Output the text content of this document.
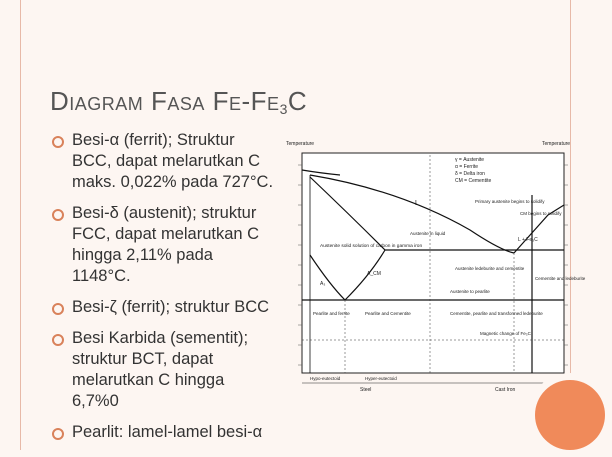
Diagram Fasa $Fe-Fe_3C$
Besi-α (ferrit); Struktur BCC, dapat melarutkan C maks. 0,022% pada 727°C.
Besi-δ (austenit); struktur FCC, dapat melarutkan C hingga 2,11% pada 1148°C.
Besi-ζ (ferrit); struktur BCC
Besi Karbida (sementit); struktur BCT, dapat melarutkan C hingga 6,7%0
Pearlit: lamel-lamel besi-α
Temperature	Temperature
γ = Austenite
α = Ferrite
δ = Delta iron
CM = Cementite
L	Primary austenite begins to solidify
CM begins to solidify
Austenite in liquid
L + Fe₃C
Austenite solid solution of carbon in gamma iron
A_CM
A₃
Austenite ledeburite and cementite
Austenite to pearlite
Cementite and ledeburite
Pearlite and ferrite	Pearlite and Cementite	Cementite, pearlite and transformed ledeburite
Magnetic change of Fe₃C
Hypo-eutectoid	Hyper-eutectoid
Steel	Cast Iron
